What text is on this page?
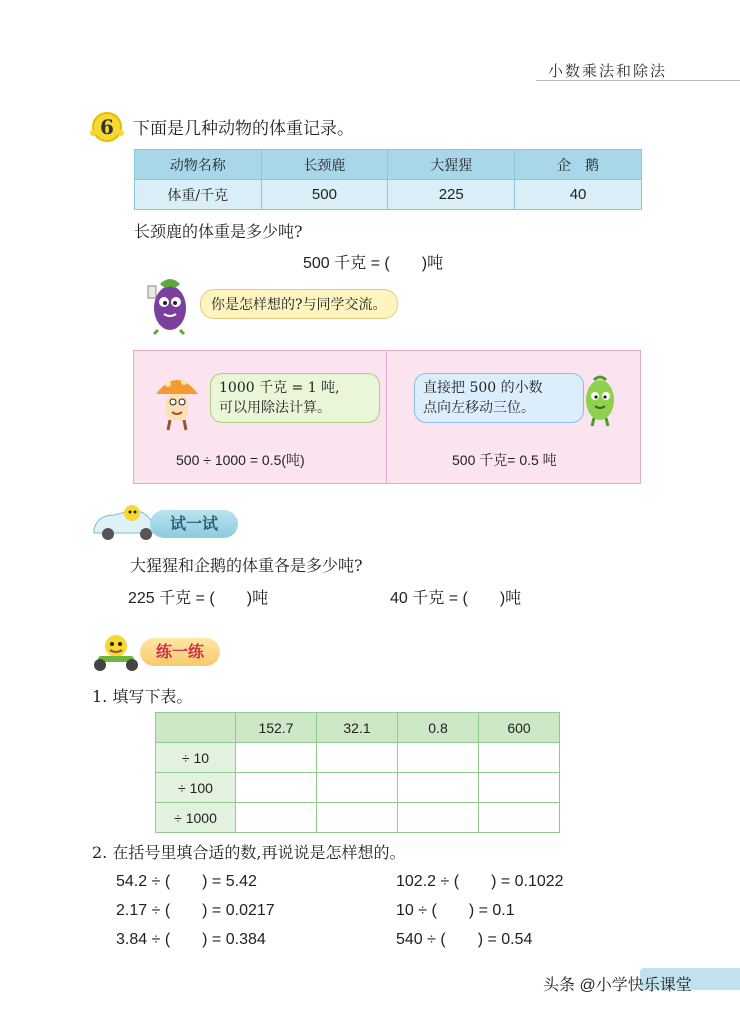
小数乘法和除法
6	下面是几种动物的体重记录。
动物名称	长颈鹿	大猩猩	企　鹅
体重/千克	500	225	40
长颈鹿的体重是多少吨?
500 千克 = (　　 )吨
你是怎样想的?与同学交流。
1000 千克 = 1 吨,
可以用除法计算。
500 ÷ 1000 = 0.5(吨)
直接把 500 的小数
点向左移动三位。
500 千克= 0.5 吨
试一试
大猩猩和企鹅的体重各是多少吨?
225 千克 = (　　 )吨	40 千克 = (　　 )吨
练一练
1. 填写下表。
	152.7	32.1	0.8	600
÷ 10				
÷ 100				
÷ 1000				
2. 在括号里填合适的数,再说说是怎样想的。
54.2 ÷ (　　 ) = 5.42	102.2 ÷ (　　 ) = 0.1022
2.17 ÷ (　　 ) = 0.0217	10 ÷ (　　 ) = 0.1
3.84 ÷ (　　 ) = 0.384	540 ÷ (　　 ) = 0.54
头条 @小学快乐课堂
